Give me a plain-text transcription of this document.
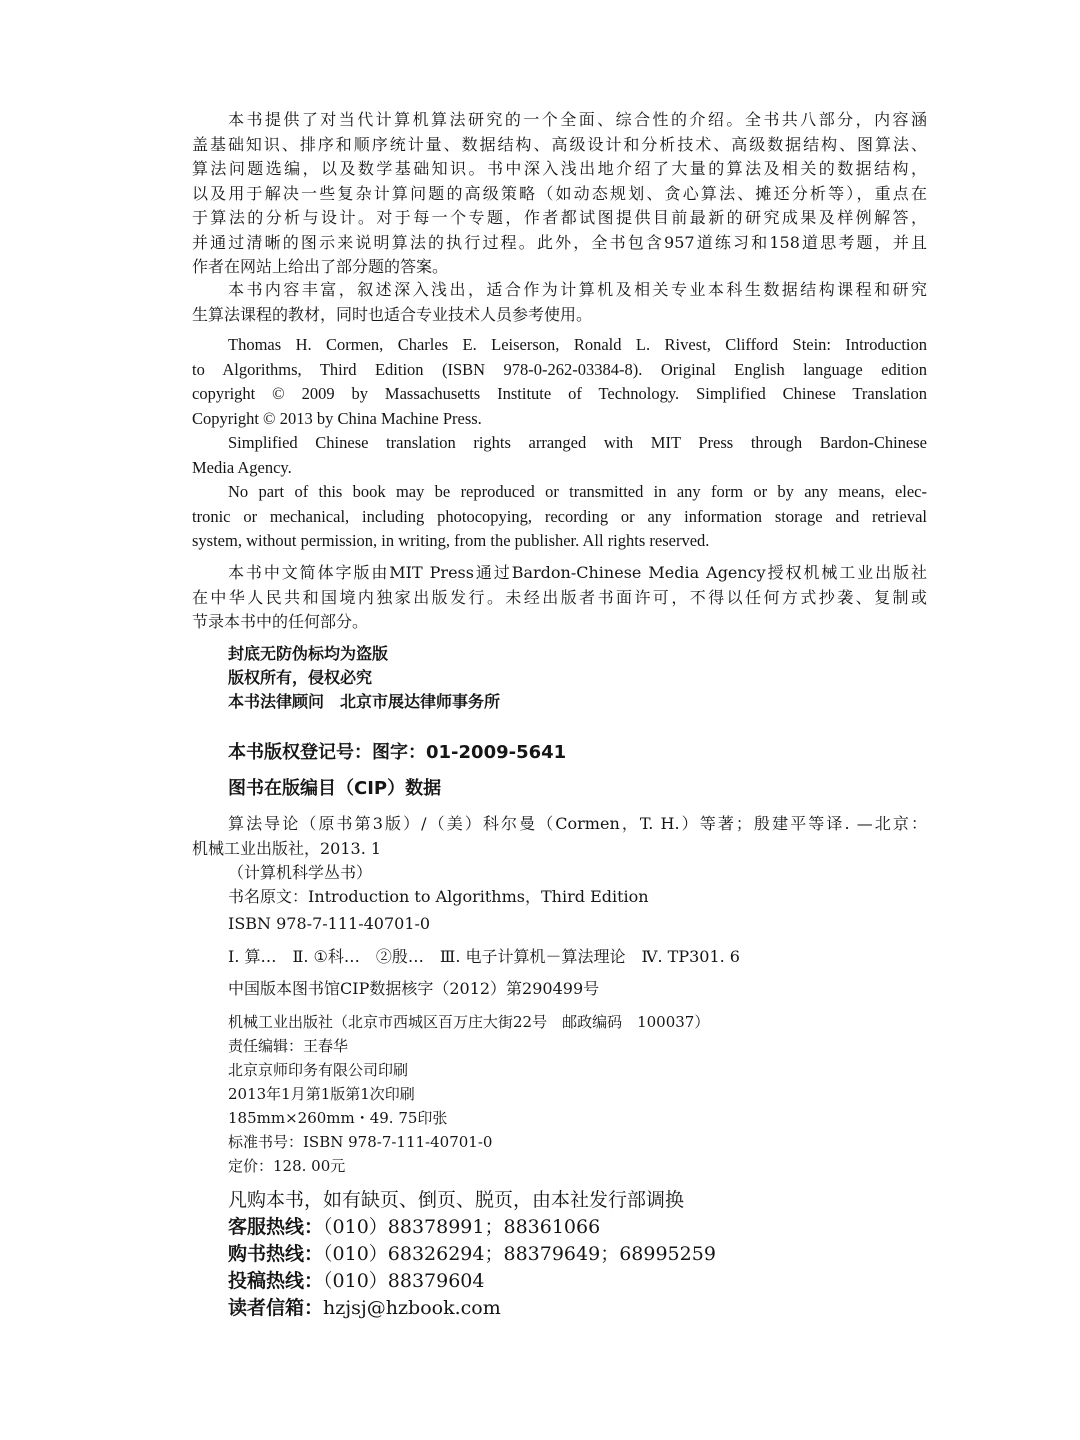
本书提供了对当代计算机算法研究的一个全面、综合性的介绍。全书共八部分，内容涵

盖基础知识、排序和顺序统计量、数据结构、高级设计和分析技术、高级数据结构、图算法、

算法问题选编，以及数学基础知识。书中深入浅出地介绍了大量的算法及相关的数据结构，

以及用于解决一些复杂计算问题的高级策略（如动态规划、贪心算法、摊还分析等），重点在

于算法的分析与设计。对于每一个专题，作者都试图提供目前最新的研究成果及样例解答，

并通过清晰的图示来说明算法的执行过程。此外，全书包含957道练习和158道思考题，并且

作者在网站上给出了部分题的答案。

本书内容丰富，叙述深入浅出，适合作为计算机及相关专业本科生数据结构课程和研究

生算法课程的教材，同时也适合专业技术人员参考使用。

Thomas H. Cormen, Charles E. Leiserson, Ronald L. Rivest, Clifford Stein: Introduction

to Algorithms, Third Edition (ISBN 978-0-262-03384-8). Original English language edition

copyright © 2009 by Massachusetts Institute of Technology. Simplified Chinese Translation

Copyright © 2013 by China Machine Press.

Simplified Chinese translation rights arranged with MIT Press through Bardon-Chinese

Media Agency.

No part of this book may be reproduced or transmitted in any form or by any means, elec-

tronic or mechanical, including photocopying, recording or any information storage and retrieval

system, without permission, in writing, from the publisher. All rights reserved.

本书中文简体字版由MIT Press通过Bardon-Chinese Media Agency授权机械工业出版社

在中华人民共和国境内独家出版发行。未经出版者书面许可，不得以任何方式抄袭、复制或

节录本书中的任何部分。

封底无防伪标均为盗版
版权所有，侵权必究
本书法律顾问　北京市展达律师事务所
本书版权登记号：图字：01-2009-5641
图书在版编目（CIP）数据

算法导论（原书第3版）/（美）科尔曼（Cormen，T. H.）等著；殷建平等译. —北京：

机械工业出版社，2013. 1

（计算机科学丛书）
书名原文：Introduction to Algorithms，Third Edition
ISBN 978-7-111-40701-0
Ⅰ. 算…　Ⅱ. ①科…　②殷…　Ⅲ. 电子计算机－算法理论　Ⅳ. TP301. 6
中国版本图书馆CIP数据核字（2012）第290499号
机械工业出版社（北京市西城区百万庄大街22号　邮政编码　100037）
责任编辑：王春华
北京京师印务有限公司印刷
2013年1月第1版第1次印刷
185mm×260mm・49. 75印张
标准书号：ISBN 978-7-111-40701-0
定价：128. 00元
凡购本书，如有缺页、倒页、脱页，由本社发行部调换
客服热线：（010）88378991；88361066
购书热线：（010）68326294；88379649；68995259
投稿热线：（010）88379604
读者信箱：hzjsj@hzbook.com
